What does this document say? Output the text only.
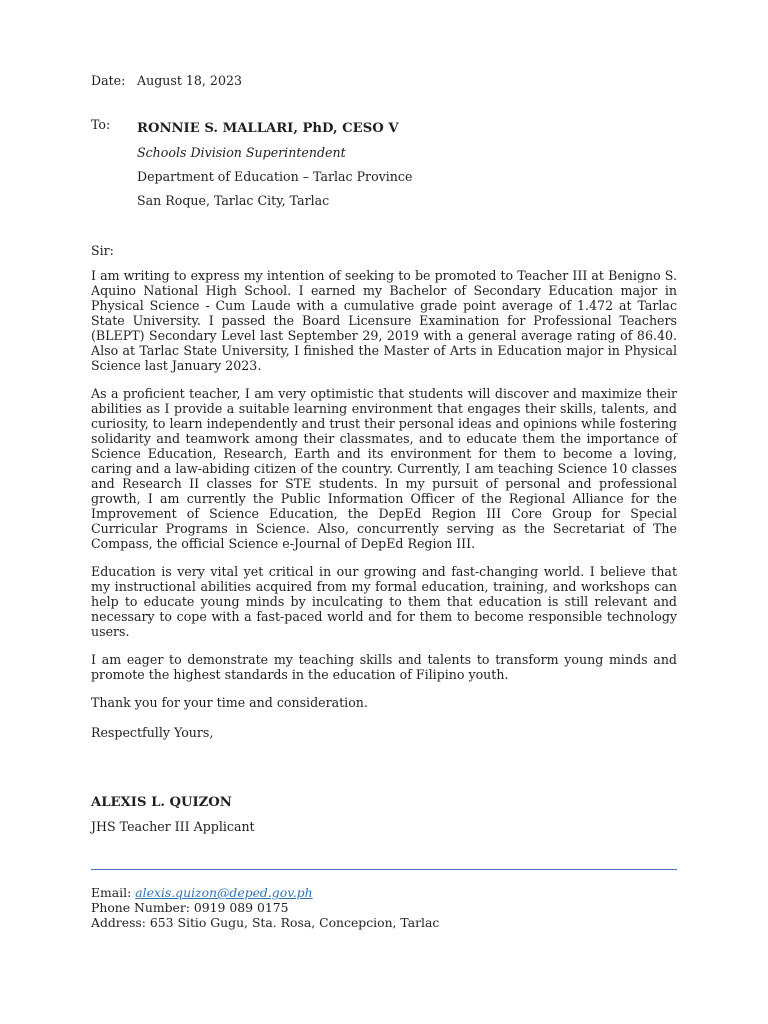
Date: August 18, 2023
To:	RONNIE S. MALLARI, PhD, CESO V
Schools Division Superintendent
Department of Education – Tarlac Province
San Roque, Tarlac City, Tarlac
Sir:

I am writing to express my intention of seeking to be promoted to Teacher III at Benigno S. Aquino National High School. I earned my Bachelor of Secondary Education major in Physical Science - Cum Laude with a cumulative grade point average of 1.472 at Tarlac State University. I passed the Board Licensure Examination for Professional Teachers (BLEPT) Secondary Level last September 29, 2019 with a general average rating of 86.40. Also at Tarlac State University, I finished the Master of Arts in Education major in Physical Science last January 2023.

As a proficient teacher, I am very optimistic that students will discover and maximize their abilities as I provide a suitable learning environment that engages their skills, talents, and curiosity, to learn independently and trust their personal ideas and opinions while fostering solidarity and teamwork among their classmates, and to educate them the importance of Science Education, Research, Earth and its environment for them to become a loving, caring and a law-abiding citizen of the country. Currently, I am teaching Science 10 classes and Research II classes for STE students. In my pursuit of personal and professional growth, I am currently the Public Information Officer of the Regional Alliance for the Improvement of Science Education, the DepEd Region III Core Group for Special Curricular Programs in Science. Also, concurrently serving as the Secretariat of The Compass, the official Science e-Journal of DepEd Region III.

Education is very vital yet critical in our growing and fast-changing world. I believe that my instructional abilities acquired from my formal education, training, and workshops can help to educate young minds by inculcating to them that education is still relevant and necessary to cope with a fast-paced world and for them to become responsible technology users.

I am eager to demonstrate my teaching skills and talents to transform young minds and promote the highest standards in the education of Filipino youth.

Thank you for your time and consideration.

Respectfully Yours,
ALEXIS L. QUIZON
JHS Teacher III Applicant
Email: alexis.quizon@deped.gov.ph
Phone Number: 0919 089 0175
Address: 653 Sitio Gugu, Sta. Rosa, Concepcion, Tarlac
